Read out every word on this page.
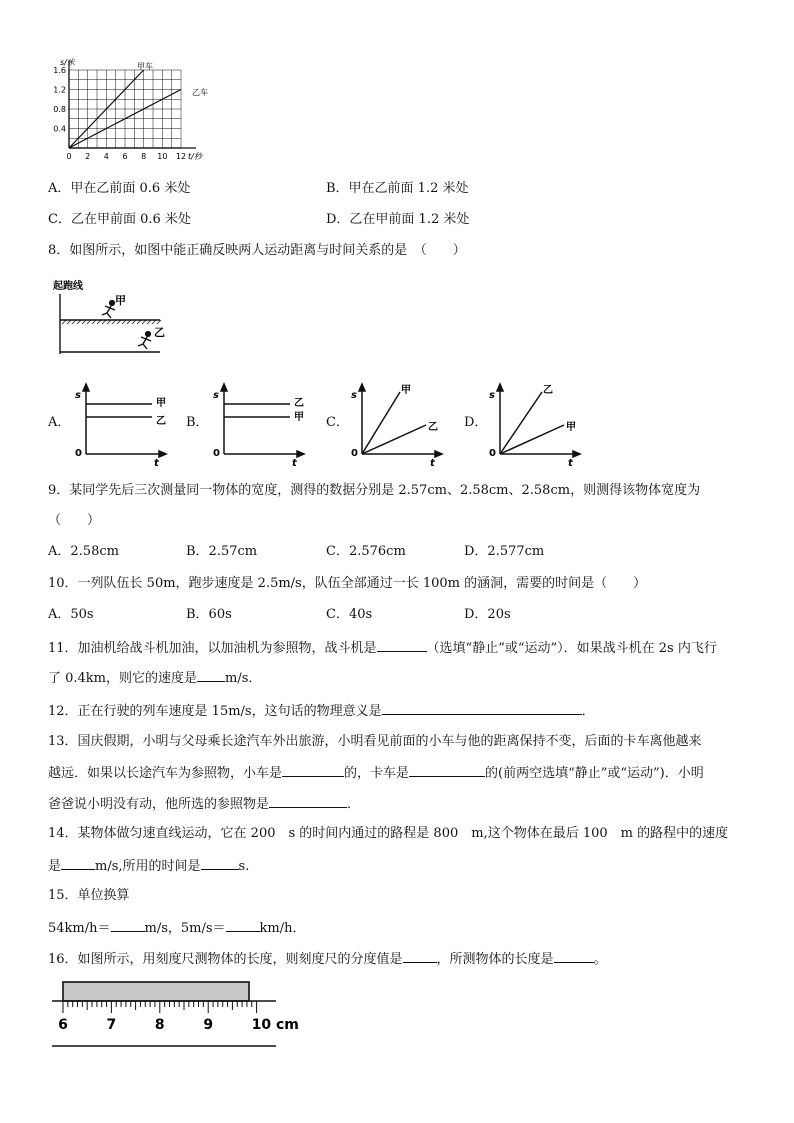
s/米
t/秒
甲车
乙车
1.6
1.2
0.8
0.4
0 2 4 6 8 10 12
A．甲在乙前面 0.6 米处	B．甲在乙前面 1.2 米处
C．乙在甲前面 0.6 米处	D．乙在甲前面 1.2 米处
8．如图所示，如图中能正确反映两人运动距离与时间关系的是　（　　）
起跑线
甲
乙
A．	B．	C．	D．
s
t
0
甲
乙
s
t
0
乙
甲
s
t
0
甲
乙
s
t
0
乙
甲
9．某同学先后三次测量同一物体的宽度，测得的数据分别是 2.57cm、2.58cm、2.58cm，则测得该物体宽度为
（　　）
A．2.58cm	B．2.57cm	C．2.576cm	D．2.577cm
10．一列队伍长 50m，跑步速度是 2.5m/s，队伍全部通过一长 100m 的涵洞，需要的时间是（　　）
A．50s	B．60s	C．40s	D．20s
11．加油机给战斗机加油，以加油机为参照物，战斗机是	（选填“静止”或“运动”）．如果战斗机在 2s 内飞行
了 0.4km，则它的速度是 m/s．
12．正在行驶的列车速度是 15m/s，这句话的物理意义是	．
13．国庆假期，小明与父母乘长途汽车外出旅游，小明看见前面的小车与他的距离保持不变，后面的卡车离他越来
越远．如果以长途汽车为参照物，小车是	的，卡车是	的(前两空选填“静止”或“运动”)．小明
爸爸说小明没有动，他所选的参照物是	．
14．某物体做匀速直线运动，它在 200　s 的时间内通过的路程是 800　m,这个物体在最后 100　m 的路程中的速度
是	m/s,所用的时间是	s.
15．单位换算
54km/h＝	m/s，5m/s＝	km/h．
16．如图所示，用刻度尺测物体的长度，则刻度尺的分度值是	，所测物体的长度是	。
6	7	8	9	10 cm
